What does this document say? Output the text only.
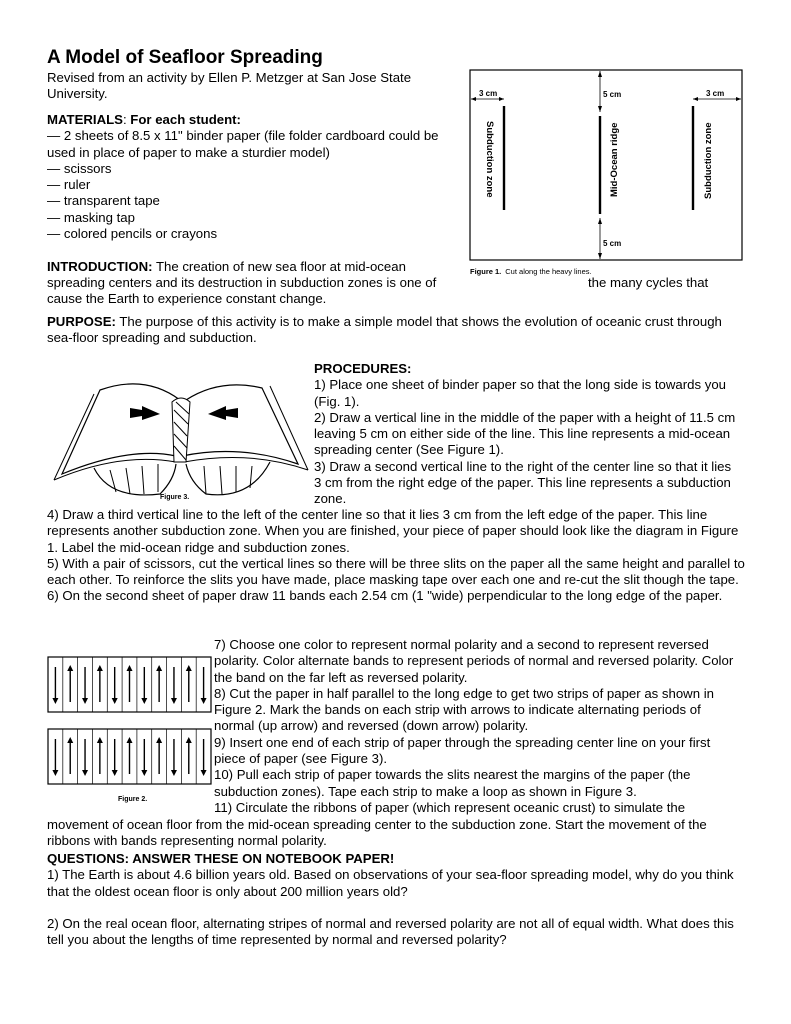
A Model of Seafloor Spreading
Revised from an activity by Ellen P. Metzger at San Jose State University.
MATERIALS: For each student:
— 2 sheets of 8.5 x 11" binder paper (file folder cardboard could be used in place of paper to make a sturdier model)
— scissors
— ruler
— transparent tape
— masking tap
— colored pencils or crayons
3 cm
Subduction zone
5 cm
Mid-Ocean ridge
5 cm
3 cm
Subduction zone
Figure 1. Cut along the heavy lines.
INTRODUCTION: The creation of new sea floor at mid-ocean
spreading centers and its destruction in subduction zones is one of	the many cycles that
cause the Earth to experience constant change.
PURPOSE: The purpose of this activity is to make a simple model that shows the evolution of oceanic crust through sea-floor spreading and subduction.
Figure 3.
PROCEDURES:
1) Place one sheet of binder paper so that the long side is towards you (Fig. 1).
2) Draw a vertical line in the middle of the paper with a height of 11.5 cm leaving 5 cm on either side of the line. This line represents a mid-ocean spreading center (See Figure 1).
3) Draw a second vertical line to the right of the center line so that it lies 3 cm from the right edge of the paper. This line represents a subduction zone.
4) Draw a third vertical line to the left of the center line so that it lies 3 cm from the left edge of the paper. This line represents another subduction zone. When you are finished, your piece of paper should look like the diagram in Figure 1. Label the mid-ocean ridge and subduction zones.
5) With a pair of scissors, cut the vertical lines so there will be three slits on the paper all the same height and parallel to each other. To reinforce the slits you have made, place masking tape over each one and re-cut the slit though the tape.
6) On the second sheet of paper draw 11 bands each 2.54 cm (1 "wide) perpendicular to the long edge of the paper.
Figure 2.
7) Choose one color to represent normal polarity and a second to represent reversed polarity. Color alternate bands to represent periods of normal and reversed polarity. Color the band on the far left as reversed polarity.
8) Cut the paper in half parallel to the long edge to get two strips of paper as shown in Figure 2. Mark the bands on each strip with arrows to indicate alternating periods of normal (up arrow) and reversed (down arrow) polarity.
9) Insert one end of each strip of paper through the spreading center line on your first piece of paper (see Figure 3).
10) Pull each strip of paper towards the slits nearest the margins of the paper (the subduction zones). Tape each strip to make a loop as shown in Figure 3.
11) Circulate the ribbons of paper (which represent oceanic crust) to simulate the
movement of ocean floor from the mid-ocean spreading center to the subduction zone. Start the movement of the ribbons with bands representing normal polarity.
QUESTIONS: ANSWER THESE ON NOTEBOOK PAPER!
1) The Earth is about 4.6 billion years old. Based on observations of your sea-floor spreading model, why do you think that the oldest ocean floor is only about 200 million years old?
2) On the real ocean floor, alternating stripes of normal and reversed polarity are not all of equal width. What does this tell you about the lengths of time represented by normal and reversed polarity?
